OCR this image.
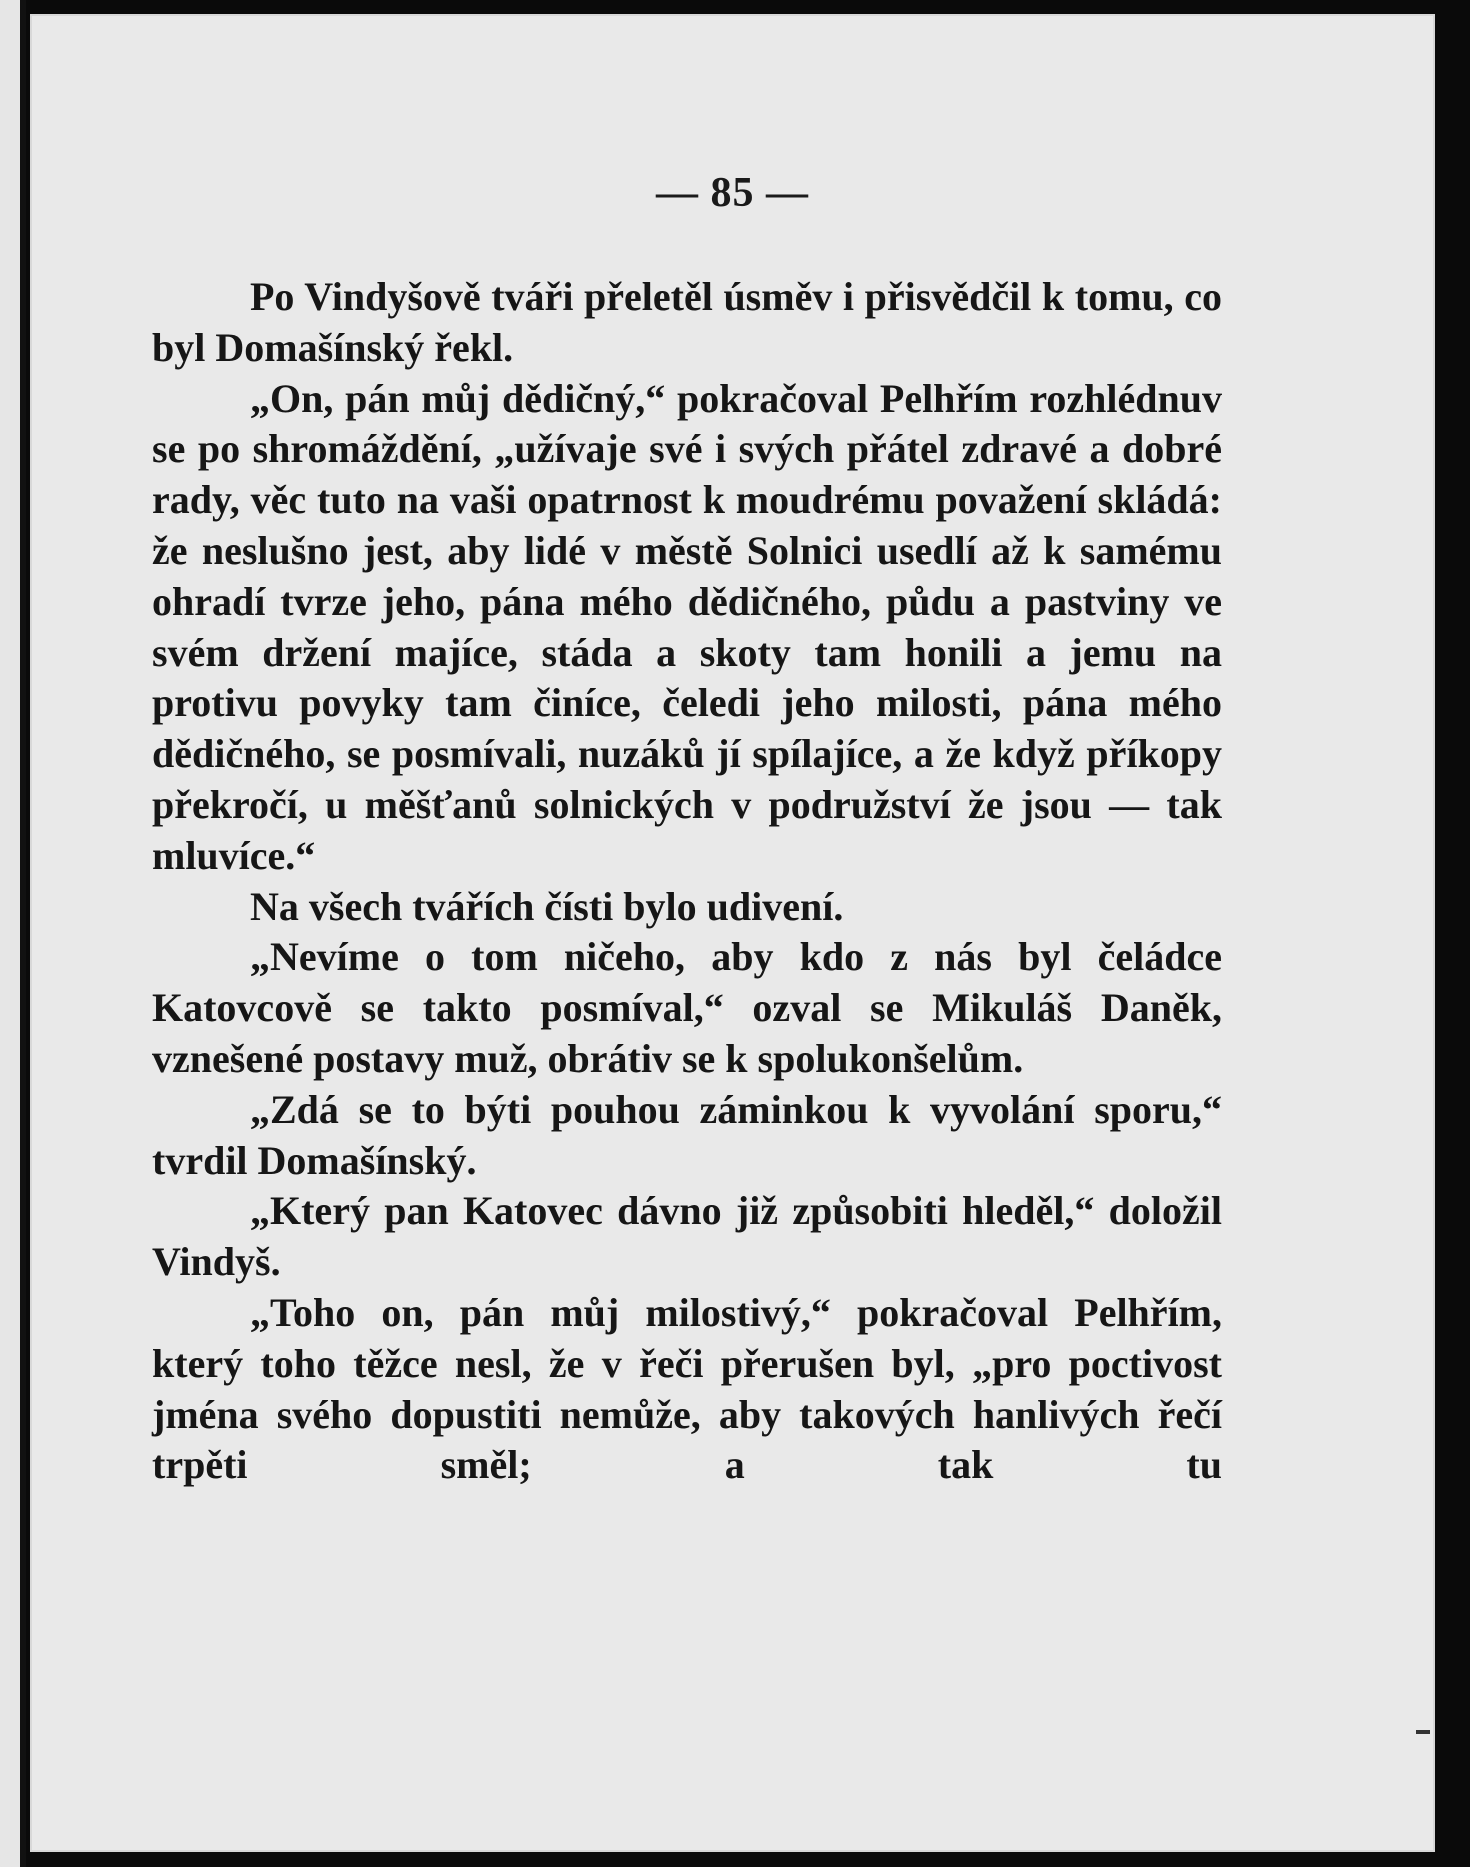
— 85 —

Po Vindyšově tváři přeletěl úsměv i přisvědčil k tomu, co byl Domašínský řekl.

„On, pán můj dědičný,“ pokračoval Pelhřím rozhlédnuv se po shromáždění, „užívaje své i svých přátel zdravé a dobré rady, věc tuto na vaši opatrnost k moudrému považení skládá: že neslušno jest, aby lidé v městě Solnici usedlí až k samému ohradí tvrze jeho, pána mého dědičného, půdu a pastviny ve svém držení majíce, stáda a skoty tam honili a jemu na protivu povyky tam činíce, čeledi jeho milosti, pána mého dědičného, se posmívali, nuzáků jí spílajíce, a že když příkopy překročí, u měšťanů solnických v podružství že jsou — tak mluvíce.“

Na všech tvářích čísti bylo udivení.

„Nevíme o tom ničeho, aby kdo z nás byl čeládce Katovcově se takto posmíval,“ ozval se Mikuláš Daněk, vznešené postavy muž, obrátiv se k spolukonšelům.

„Zdá se to býti pouhou záminkou k vyvolání sporu,“ tvrdil Domašínský.

„Který pan Katovec dávno již způsobiti hleděl,“ doložil Vindyš.

„Toho on, pán můj milostivý,“ pokračoval Pelhřím, který toho těžce nesl, že v řeči přerušen byl, „pro poctivost jména svého dopustiti nemůže, aby takových hanlivých řečí trpěti směl; a tak tu
